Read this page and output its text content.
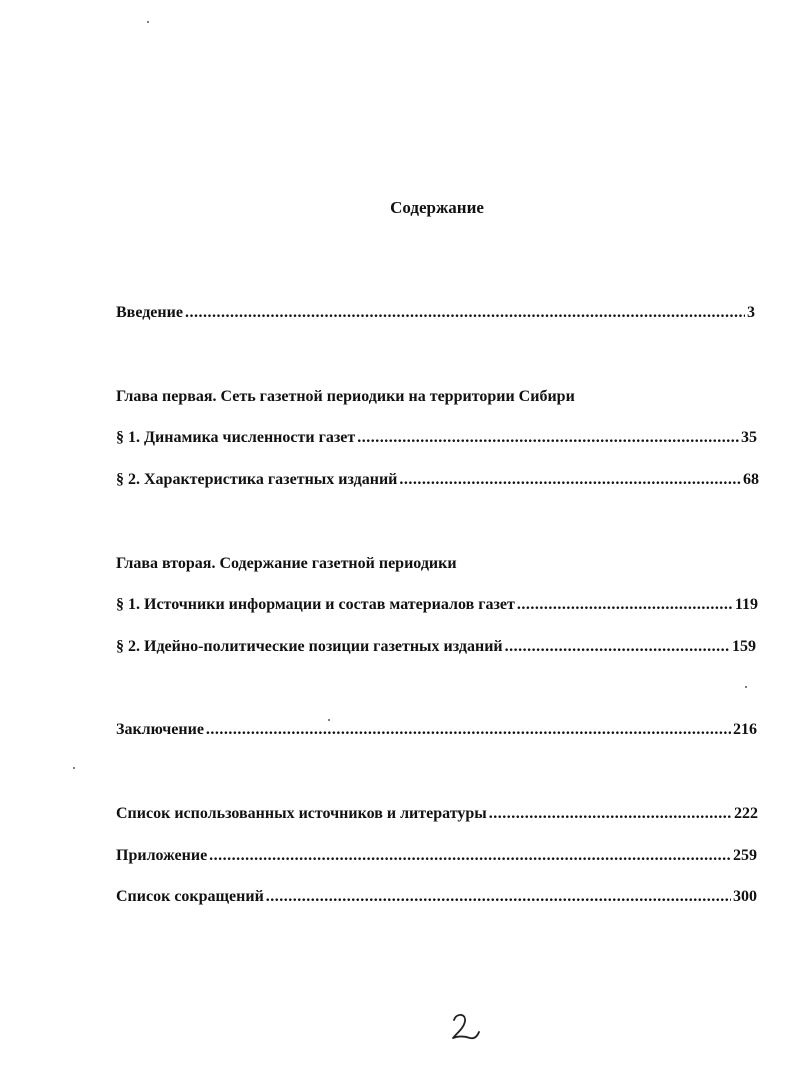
Содержание
Введение .....	3
Глава первая. Сеть газетной периодики на территории Сибири
§ 1. Динамика численности газет .....	35
§ 2. Характеристика газетных изданий .....	68
Глава вторая. Содержание газетной периодики
§ 1. Источники информации и состав материалов газет .....	119
§ 2. Идейно-политические позиции газетных изданий .....	159
Заключение .....	216
Список использованных источников и литературы .....	222
Приложение .....	259
Список сокращений .....	300
